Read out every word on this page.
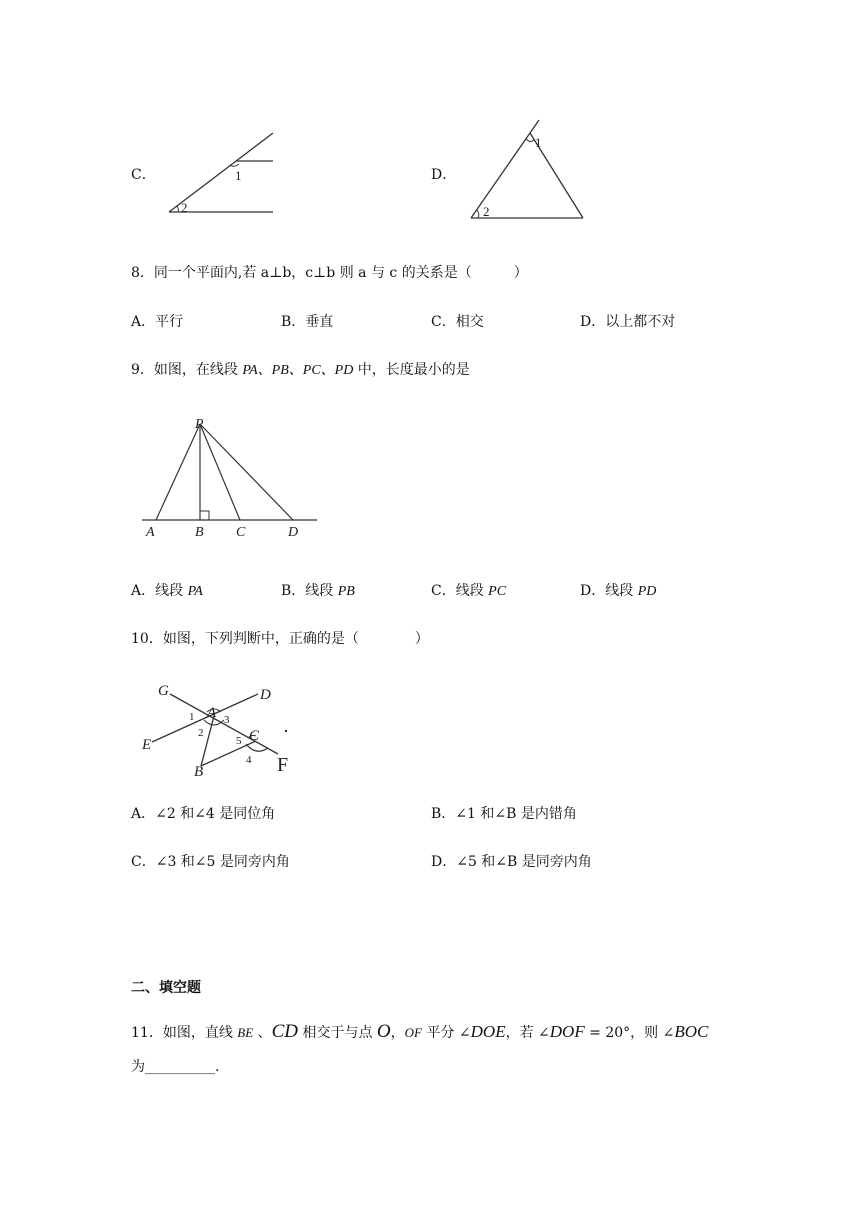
C．	1
2
D．
1
2
8．同一个平面内,若 a⊥b，c⊥b 则 a 与 c 的关系是（　　　）
A．平行	B．垂直	C．相交	D．以上都不对
9．如图，在线段 PA、PB、PC、PD 中，长度最小的是
P
A	B C	D
A．线段 PA	B．线段 PB	C．线段 PC	D．线段 PD
10．如图，下列判断中，正确的是（　　　　）
G	D
E
A
B
C
F
1
2
3
4
5
A．∠2 和∠4 是同位角	B．∠1 和∠B 是内错角
C．∠3 和∠5 是同旁内角	D．∠5 和∠B 是同旁内角
二、填空题
11．如图，直线 BE 、CD 相交于与点 O，OF 平分 ∠DOE，若 ∠DOF = 20°，则 ∠BOC
为__________.
